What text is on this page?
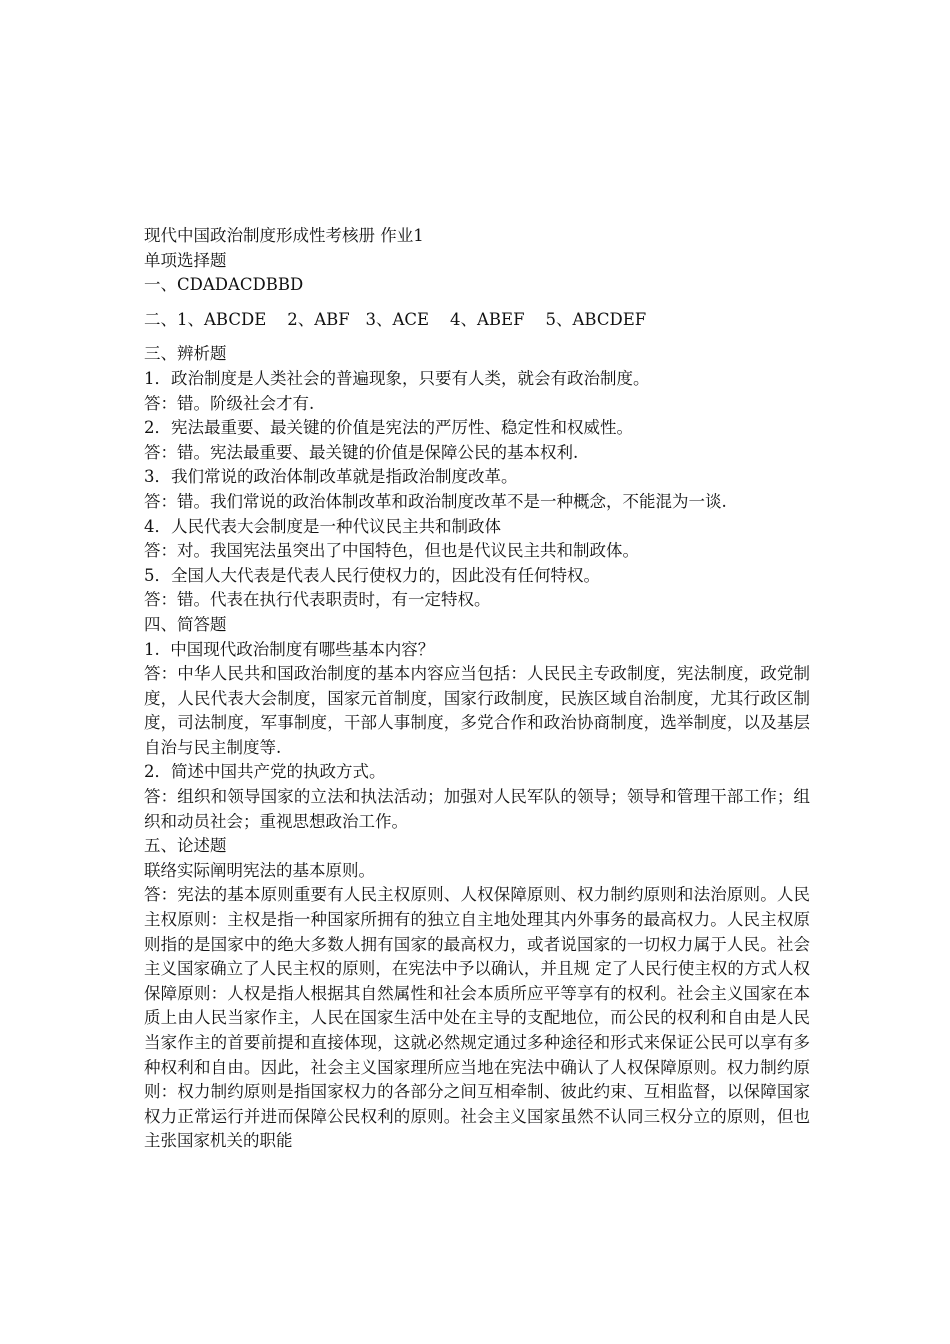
现代中国政治制度形成性考核册 作业1
单项选择题
一、CDADACDBBD
二、1、ABCDE    2、ABF   3、ACE    4、ABEF    5、ABCDEF
三、辨析题
1．政治制度是人类社会的普遍现象，只要有人类，就会有政治制度。
答：错。阶级社会才有.
2．宪法最重要、最关键的价值是宪法的严厉性、稳定性和权威性。
答：错。宪法最重要、最关键的价值是保障公民的基本权利.
3．我们常说的政治体制改革就是指政治制度改革。
答：错。我们常说的政治体制改革和政治制度改革不是一种概念，不能混为一谈.
4．人民代表大会制度是一种代议民主共和制政体
答：对。我国宪法虽突出了中国特色，但也是代议民主共和制政体。
5．全国人大代表是代表人民行使权力的，因此没有任何特权。
答：错。代表在执行代表职责时，有一定特权。
四、简答题
1.  中国现代政治制度有哪些基本内容？
答：中华人民共和国政治制度的基本内容应当包括：人民民主专政制度，宪法制度，政党制度，人民代表大会制度，国家元首制度，国家行政制度，民族区域自治制度，尤其行政区制度，司法制度，军事制度，干部人事制度，多党合作和政治协商制度，选举制度，以及基层自治与民主制度等.
2．简述中国共产党的执政方式。
答：组织和领导国家的立法和执法活动；加强对人民军队的领导；领导和管理干部工作；组织和动员社会；重视思想政治工作。
五、论述题
联络实际阐明宪法的基本原则。
答：宪法的基本原则重要有人民主权原则、人权保障原则、权力制约原则和法治原则。人民主权原则：主权是指一种国家所拥有的独立自主地处理其内外事务的最高权力。人民主权原则指的是国家中的绝大多数人拥有国家的最高权力，或者说国家的一切权力属于人民。社会主义国家确立了人民主权的原则，在宪法中予以确认，并且规 定了人民行使主权的方式人权保障原则：人权是指人根据其自然属性和社会本质所应平等享有的权利。社会主义国家在本质上由人民当家作主，人民在国家生活中处在主导的支配地位，而公民的权利和自由是人民当家作主的首要前提和直接体现，这就必然规定通过多种途径和形式来保证公民可以享有多种权利和自由。因此，社会主义国家理所应当地在宪法中确认了人权保障原则。权力制约原则：权力制约原则是指国家权力的各部分之间互相牵制、彼此约束、互相监督，以保障国家权力正常运行并进而保障公民权利的原则。社会主义国家虽然不认同三权分立的原则，但也主张国家机关的职能
